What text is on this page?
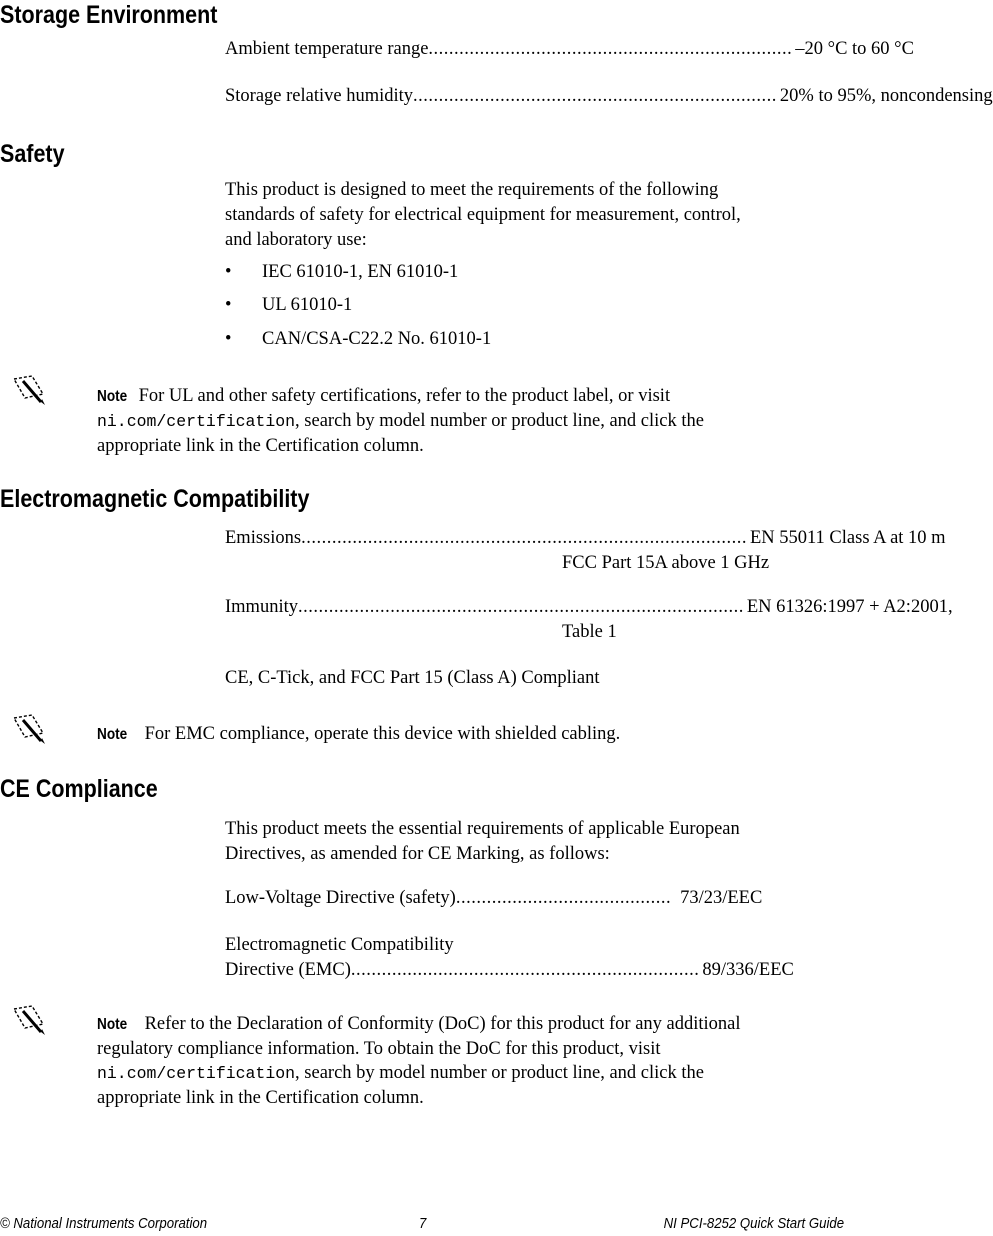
Storage Environment
Ambient temperature range ....................................................................... –20 °C to 60 °C
Storage relative humidity ....................................................................... 20% to 95%, noncondensing
Safety
This product is designed to meet the requirements of the following
standards of safety for electrical equipment for measurement, control,
and laboratory use:
• IEC 61010-1, EN 61010-1
• UL 61010-1
• CAN/CSA-C22.2 No. 61010-1
Note For UL and other safety certifications, refer to the product label, or visit
ni.com/certification, search by model number or product line, and click the
appropriate link in the Certification column.
Electromagnetic Compatibility
Emissions ....................................................................................... EN 55011 Class A at 10 m
FCC Part 15A above 1 GHz
Immunity ....................................................................................... EN 61326:1997 + A2:2001,
Table 1
CE, C-Tick, and FCC Part 15 (Class A) Compliant
Note For EMC compliance, operate this device with shielded cabling.
CE Compliance
This product meets the essential requirements of applicable European
Directives, as amended for CE Marking, as follows:
Low-Voltage Directive (safety) .......................................... 73/23/EEC
Electromagnetic Compatibility
Directive (EMC) .................................................................... 89/336/EEC
Note Refer to the Declaration of Conformity (DoC) for this product for any additional
regulatory compliance information. To obtain the DoC for this product, visit
ni.com/certification, search by model number or product line, and click the
appropriate link in the Certification column.
© National Instruments Corporation	7	NI PCI-8252 Quick Start Guide
